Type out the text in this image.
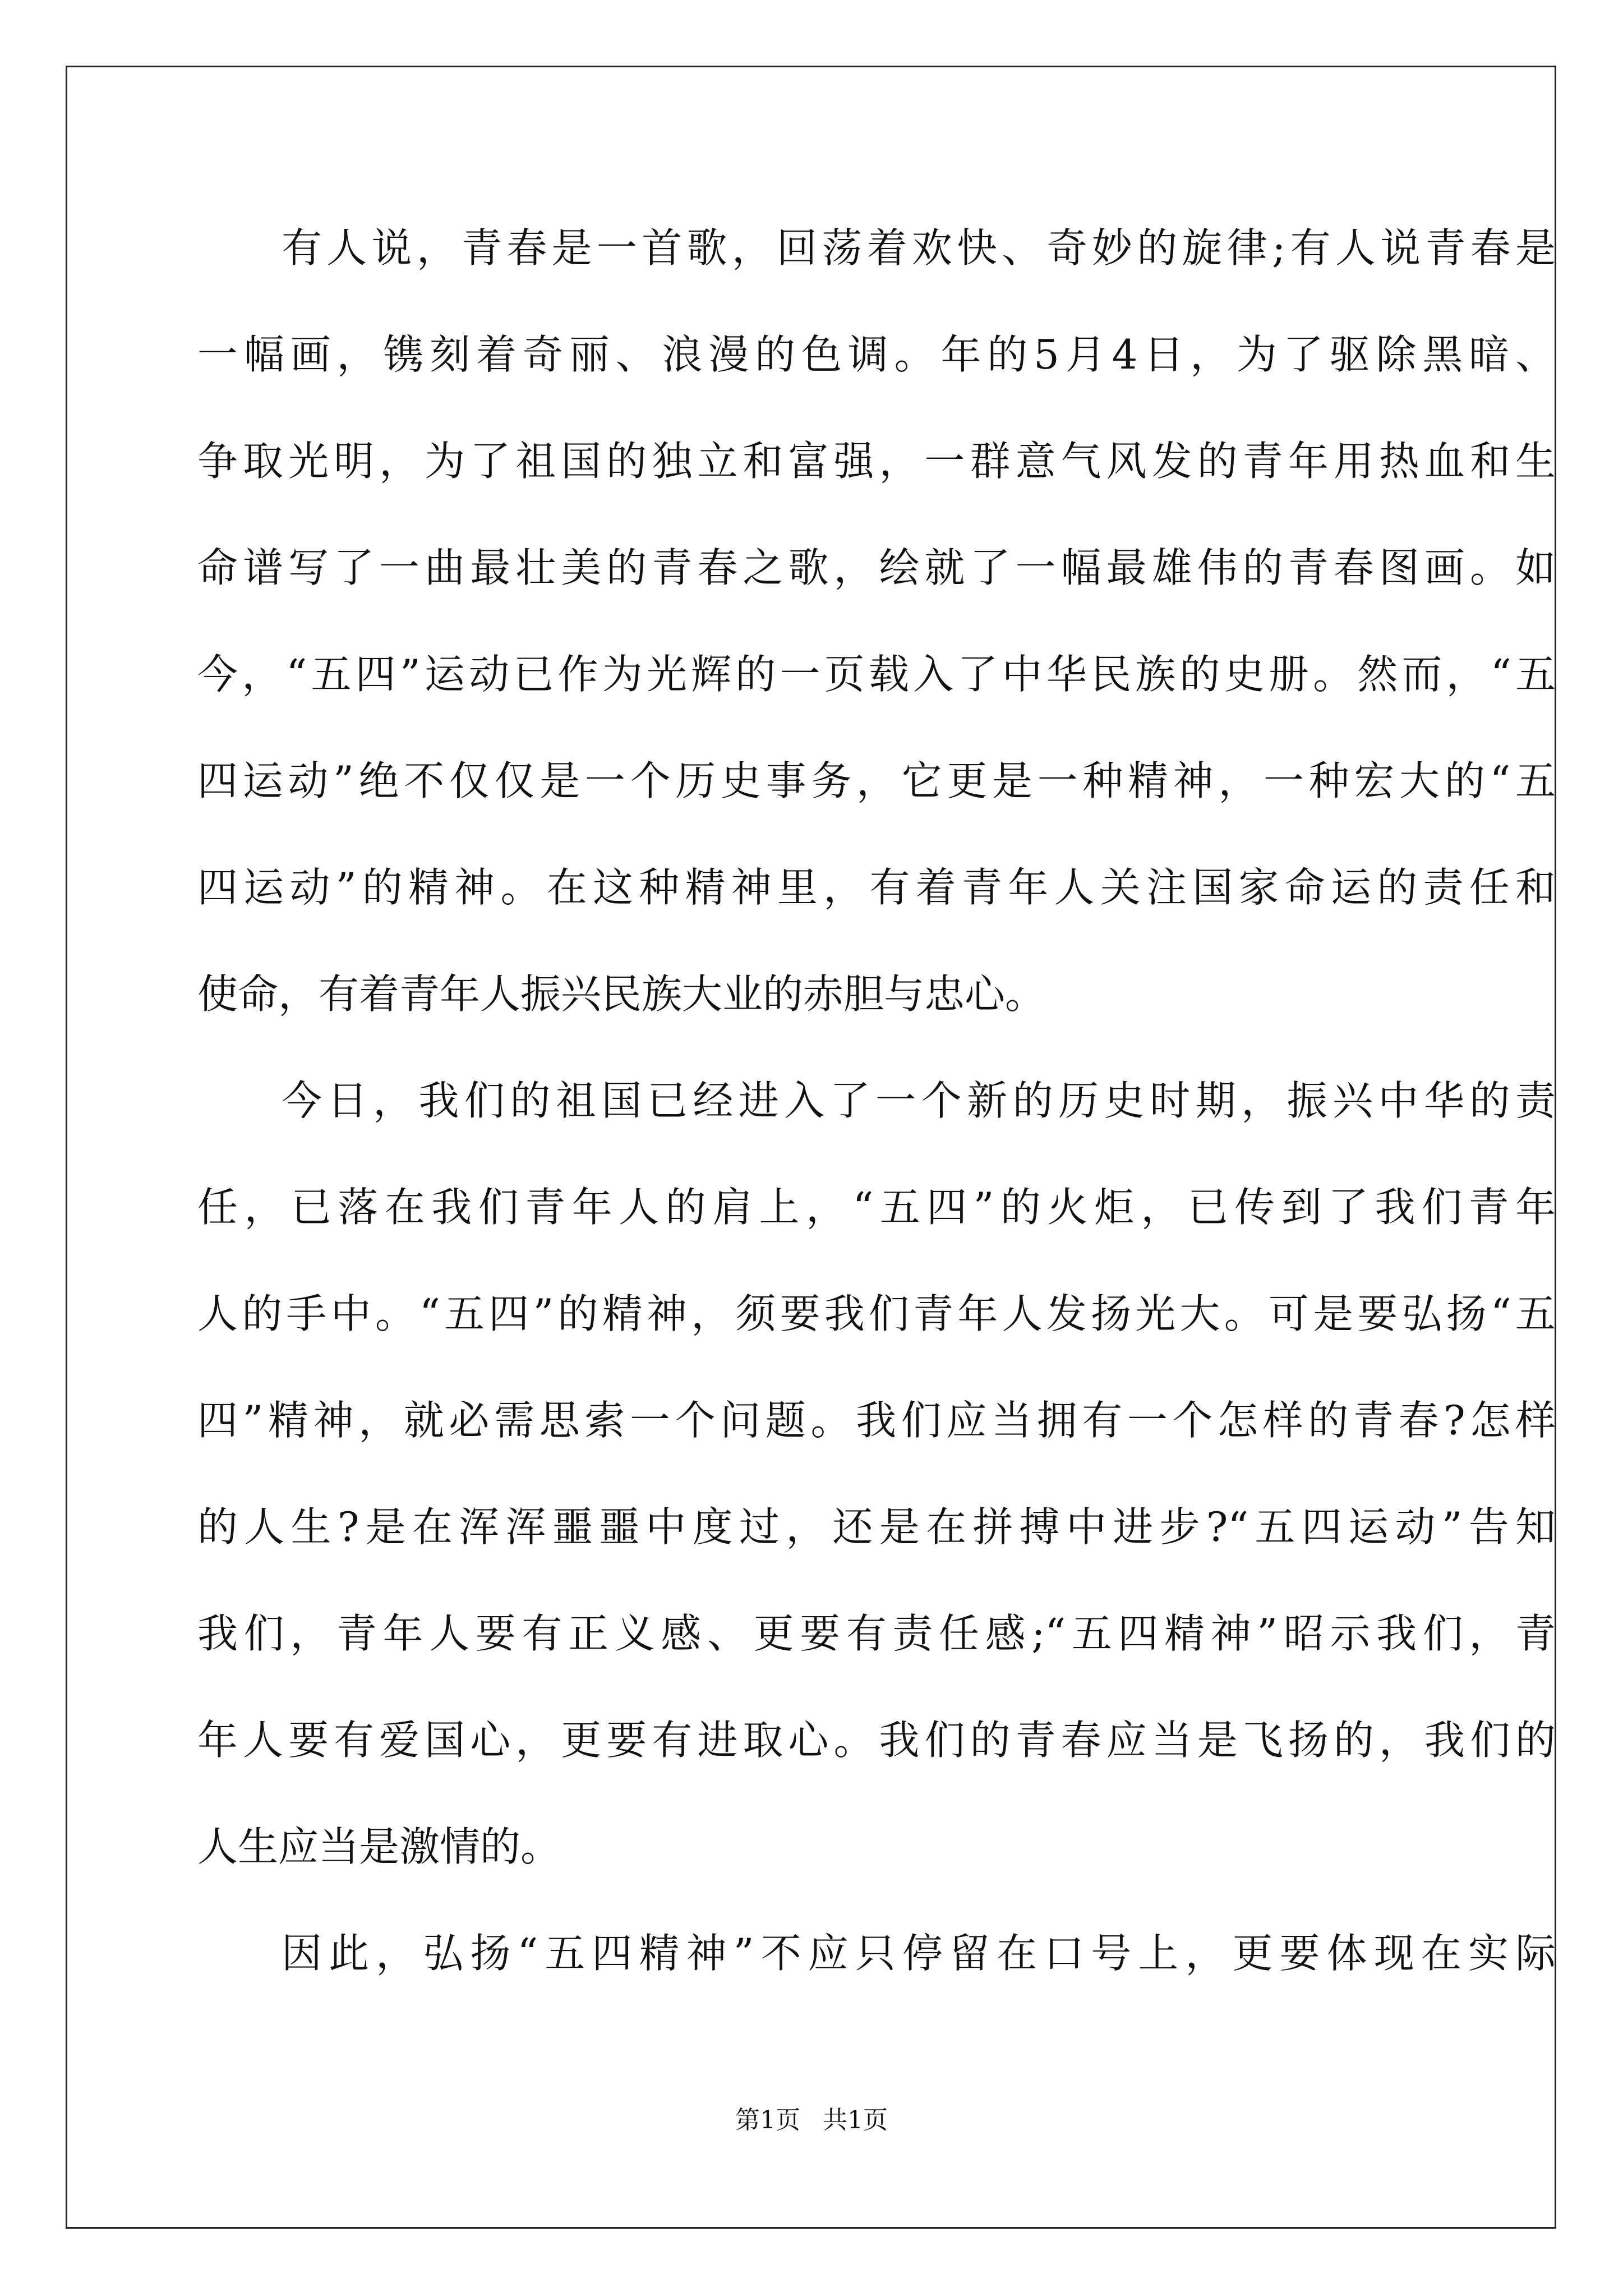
有人说，青春是一首歌，回荡着欢快、奇妙的旋律;有人说青春是
一幅画，镌刻着奇丽、浪漫的色调。年的5月4日，为了驱除黑暗、
争取光明，为了祖国的独立和富强，一群意气风发的青年用热血和生
命谱写了一曲最壮美的青春之歌，绘就了一幅最雄伟的青春图画。如
今，“五四”运动已作为光辉的一页载入了中华民族的史册。然而，“五
四运动”绝不仅仅是一个历史事务，它更是一种精神，一种宏大的“五
四运动”的精神。在这种精神里，有着青年人关注国家命运的责任和
使命，有着青年人振兴民族大业的赤胆与忠心。
今日，我们的祖国已经进入了一个新的历史时期，振兴中华的责
任，已落在我们青年人的肩上，“五四”的火炬，已传到了我们青年
人的手中。“五四”的精神，须要我们青年人发扬光大。可是要弘扬“五
四”精神，就必需思索一个问题。我们应当拥有一个怎样的青春?怎样
的人生?是在浑浑噩噩中度过，还是在拼搏中进步?“五四运动”告知
我们，青年人要有正义感、更要有责任感;“五四精神”昭示我们，青
年人要有爱国心，更要有进取心。我们的青春应当是飞扬的，我们的
人生应当是激情的。
因此，弘扬“五四精神”不应只停留在口号上，更要体现在实际
第1页 共1页
